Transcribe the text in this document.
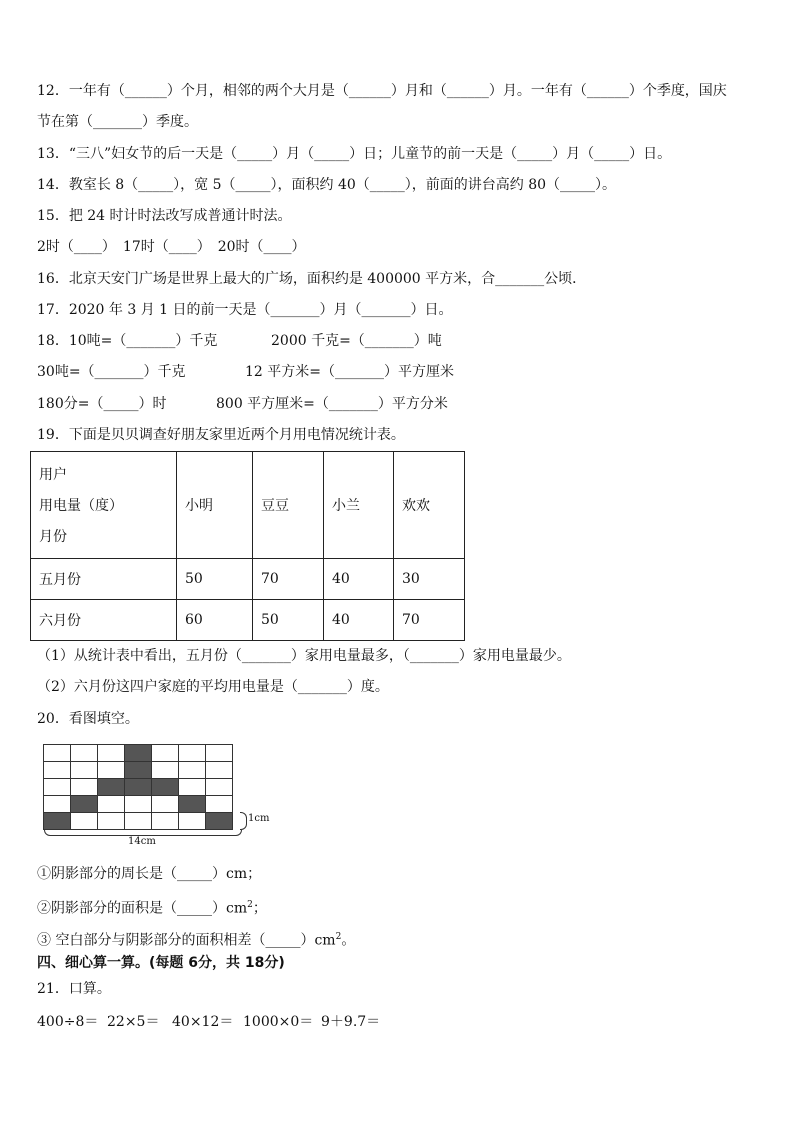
12．一年有（______）个月，相邻的两个大月是（______）月和（______）月。一年有（______）个季度，国庆
节在第（_______）季度。
13．“三八”妇女节的后一天是（_____）月（_____）日；儿童节的前一天是（_____）月（_____）日。
14．教室长 8（_____），宽 5（_____），面积约 40（_____），前面的讲台高约 80（_____）。
15．把 24 时计时法改写成普通计时法。
2时（____）　17时（____）　20时（____）
16．北京天安门广场是世界上最大的广场，面积约是 400000 平方米，合_______公顷．
17．2020 年 3 月 1 日的前一天是（_______）月（_______）日。
18．10吨=（_______）千克	2000 千克=（_______）吨
30吨=（_______）千克	12 平方米=（_______）平方厘米
180分=（_____）时	800 平方厘米=（_______）平方分米
19．下面是贝贝调查好朋友家里近两个月用电情况统计表。
用户
用电量（度）
月份	小明	豆豆	小兰	欢欢
五月份	50	70	40	30
六月份	60	50	40	70
（1）从统计表中看出，五月份（_______）家用电量最多，（_______）家用电量最少。
（2）六月份这四户家庭的平均用电量是（_______）度。
20．看图填空。
1cm
14cm
①阴影部分的周长是（_____）cm；
②阴影部分的面积是$(\_\_\_\_\_)cm^2$；
③ 空白部分与阴影部分的面积相差$(\_\_\_\_\_)cm^2$。
四、细心算一算。(每题 6分，共 18分)
21．口算。
400÷8＝ 22×5＝ 40×12＝ 1000×0＝ 9＋9.7＝
